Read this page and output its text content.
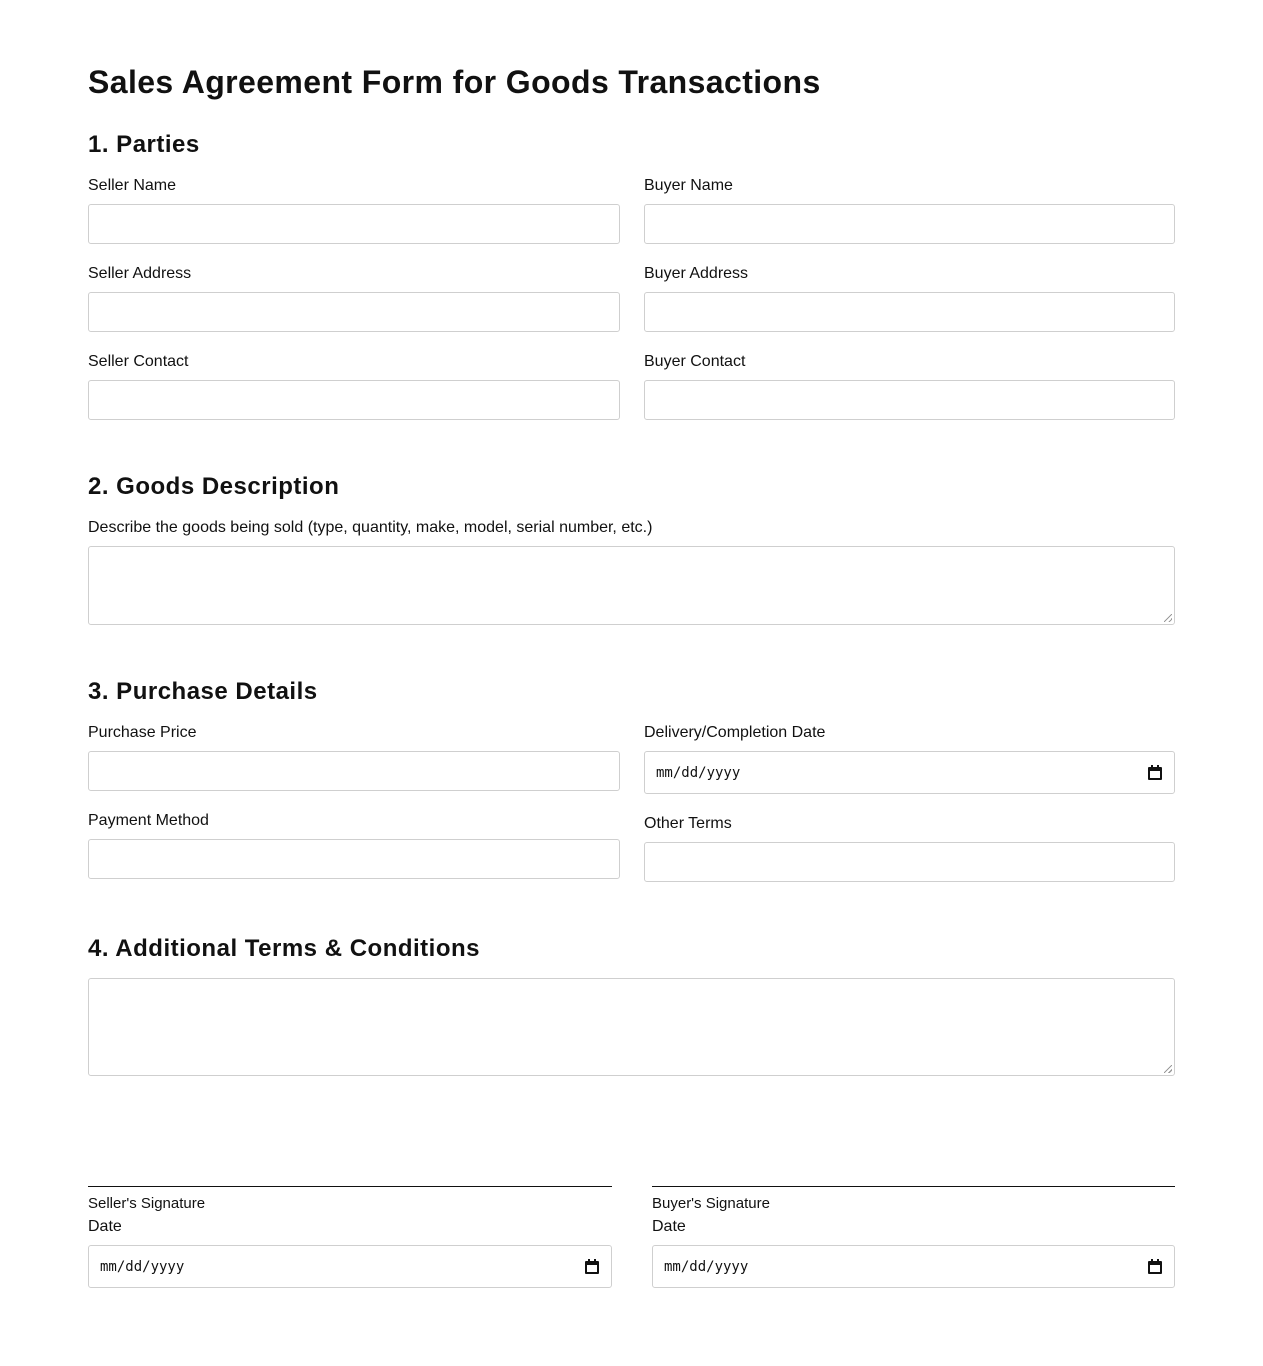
Sales Agreement Form for Goods Transactions
1. Parties
Seller Name	Buyer Name
Seller Address	Buyer Address
Seller Contact	Buyer Contact
2. Goods Description
Describe the goods being sold (type, quantity, make, model, serial number, etc.)
3. Purchase Details
Purchase Price	Delivery/Completion Date
mm/dd/yyyy
Payment Method	Other Terms
4. Additional Terms & Conditions
Seller's Signature	Buyer's Signature
Date	Date
mm/dd/yyyy	mm/dd/yyyy
